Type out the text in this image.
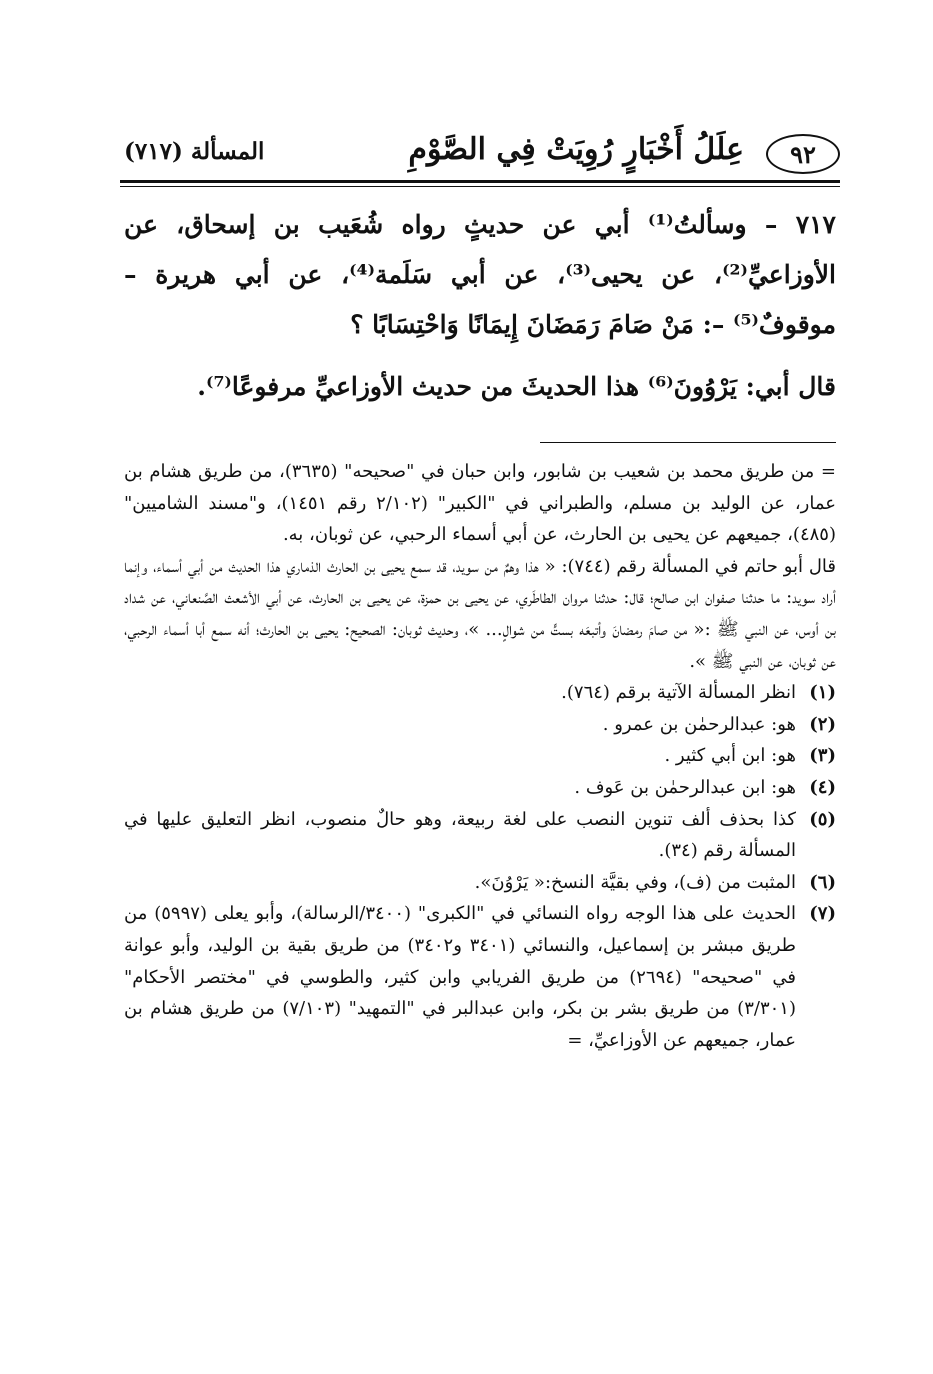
٩٢
عِلَلُ أَخْبَارٍ رُوِيَتْ فِي الصَّوْمِ
المسألة (٧١٧)

٧١٧ – وسألتُ⁽¹⁾ أبي عن حديثٍ رواه شُعَيب بن إسحاق، عن الأوزاعيِّ⁽²⁾، عن يحيى⁽³⁾، عن أبي سَلَمة⁽⁴⁾، عن أبي هريرة – موقوفٌ⁽⁵⁾ –: مَنْ صَامَ رَمَضَانَ إِيمَانًا وَاحْتِسَابًا ؟

قال أبي: يَرْوُونَ⁽⁶⁾ هذا الحديثَ من حديث الأوزاعيِّ مرفوعًا⁽⁷⁾.

= من طريق محمد بن شعيب بن شابور، وابن حبان في "صحيحه" (٣٦٣٥)، من طريق هشام بن عمار، عن الوليد بن مسلم، والطبراني في "الكبير" (٢/١٠٢ رقم ١٤٥١)، و"مسند الشاميين" (٤٨٥)، جميعهم عن يحيى بن الحارث، عن أبي أسماء الرحبي، عن ثوبان، به.

قال أبو حاتم في المسألة رقم (٧٤٤): « هذا وهمٌ من سويد، قد سمع يحيى بن الحارث الذماري هذا الحديث من أبي أسماء، وإنما أراد سويد: ما حدثنا صفوان ابن صالح؛ قال: حدثنا مروان الطاطَري، عن يحيى بن حمزة، عن يحيى بن الحارث، عن أبي الأشعث الصَّنعاني، عن شداد بن أوس، عن النبي ﷺ :« من صامَ رمضانَ وأتبعَه بستٍّ من شوالٍ... »، وحديث ثوبان: الصحيح: يحيى بن الحارث؛ أنه سمع أبا أسماء الرحبي، عن ثوبان، عن النبي ﷺ ».

(١)
انظر المسألة الآتية برقم (٧٦٤).
(٢)
هو: عبدالرحمٰن بن عمرو .
(٣)
هو: ابن أبي كثير .
(٤)
هو: ابن عبدالرحمٰن بن عَوف .
(٥)
كذا بحذف ألف تنوين النصب على لغة ربيعة، وهو حالٌ منصوب، انظر التعليق عليها في المسألة رقم (٣٤).
(٦)
المثبت من (ف)، وفي بقيَّة النسخ:« يَرْوُنَ».
(٧)
الحديث على هذا الوجه رواه النسائي في "الكبرى" (٣٤٠٠/الرسالة)، وأبو يعلى (٥٩٩٧) من طريق مبشر بن إسماعيل، والنسائي (٣٤٠١ و٣٤٠٢) من طريق بقية بن الوليد، وأبو عوانة في "صحيحه" (٢٦٩٤) من طريق الفريابي وابن كثير، والطوسي في "مختصر الأحكام" (٣/٣٠١) من طريق بشر بن بكر، وابن عبدالبر في "التمهيد" (٧/١٠٣) من طريق هشام بن عمار، جميعهم عن الأوزاعيِّ، =
